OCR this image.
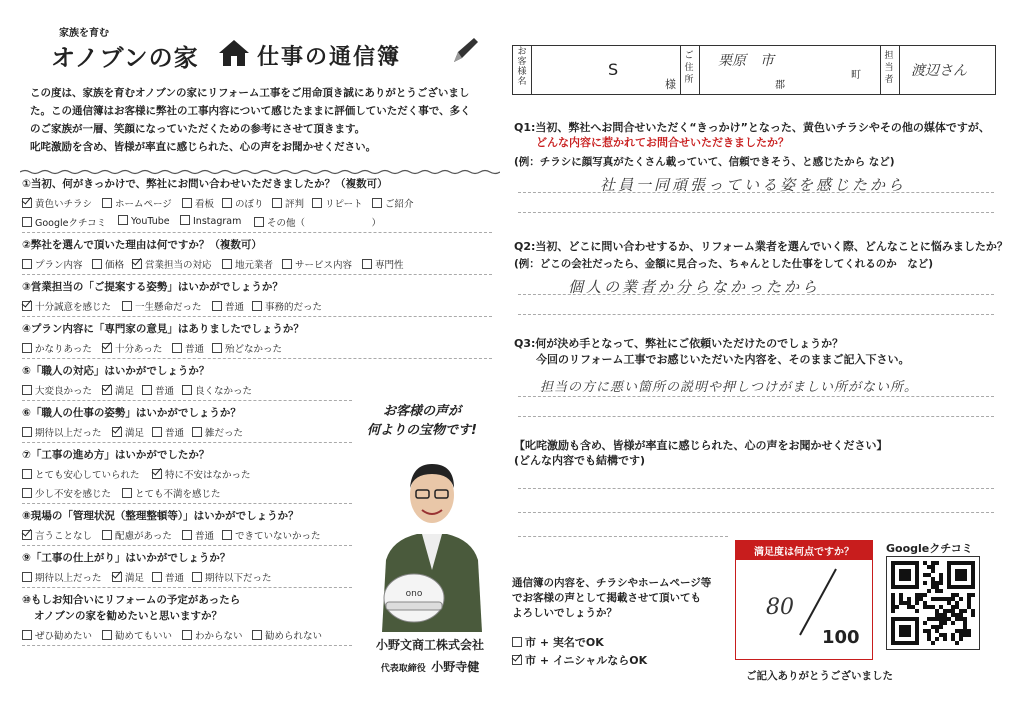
家族を育む
オノブンの家	仕事の通信簿
この度は、家族を育むオノブンの家にリフォーム工事をご用命頂き誠にありがとうございまし
た。この通信簿はお客様に弊社の工事内容について感じたままに評価していただく事で、多く
のご家族が一層、笑顔になっていただくための参考にさせて頂きます。
叱咤激励を含め、皆様が率直に感じられた、心の声をお聞かせください。
①当初、何がきっかけで、弊社にお問い合わせいただきましたか？（複数可）
黄色いチラシ	ホームページ	看板	のぼり	評判	リピート	ご紹介
Googleクチコミ	YouTube	Instagram	その他（　　　　　　　）
②弊社を選んで頂いた理由は何ですか？（複数可）
プラン内容	価格	営業担当の対応	地元業者	サービス内容	専門性
③営業担当の「ご提案する姿勢」はいかがでしょうか？
十分誠意を感じた	一生懸命だった	普通	事務的だった
④プラン内容に「専門家の意見」はありましたでしょうか？
かなりあった	十分あった	普通	殆どなかった
⑤「職人の対応」はいかがでしょうか？
大変良かった	満足	普通	良くなかった
⑥「職人の仕事の姿勢」はいかがでしょうか？
期待以上だった	満足	普通	雑だった
⑦「工事の進め方」はいかがでしたか？
とても安心していられた	特に不安はなかった
少し不安を感じた	とても不満を感じた
⑧現場の「管理状況（整理整頓等）」はいかがでしょうか？
言うことなし	配慮があった	普通	できていないかった
⑨「工事の仕上がり」はいかがでしょうか？
期待以上だった	満足	普通	期待以下だった
⑩もしお知合いにリフォームの予定があったら
オノブンの家を勧めたいと思いますか？
ぜひ勧めたい	勧めてもいい	わからない	勧められない
お客様の声が
何よりの宝物です!
ono
小野文商工株式会社
代表取締役 小野寺健
お
客
様
名
S
様
ご
住
所
栗原　市
郡
町
担
当
者
渡辺さん
Q1:当初、弊社へお問合せいただく“きっかけ”となった、黄色いチラシやその他の媒体ですが、
どんな内容に惹かれてお問合せいただきましたか？
(例：チラシに顔写真がたくさん載っていて、信頼できそう、と感じたから など)
社員一同頑張っている姿を感じたから
Q2:当初、どこに問い合わせするか、リフォーム業者を選んでいく際、どんなことに悩みましたか？
(例：どこの会社だったら、金額に見合った、ちゃんとした仕事をしてくれるのか　など)
個人の業者か分らなかったから
Q3:何が決め手となって、弊社にご依頼いただけたのでしょうか？
今回のリフォーム工事でお感じいただいた内容を、そのままご記入下さい。
担当の方に悪い箇所の説明や押しつけがましい所がない所。
【叱咤激励も含め、皆様が率直に感じられた、心の声をお聞かせください】
(どんな内容でも結構です)
通信簿の内容を、チラシやホームページ等
でお客様の声として掲載させて頂いても
よろしいでしょうか？
市 + 実名でOK
市 + イニシャルならOK
満足度は何点ですか？
80
100
Googleクチコミ
ご記入ありがとうございました
